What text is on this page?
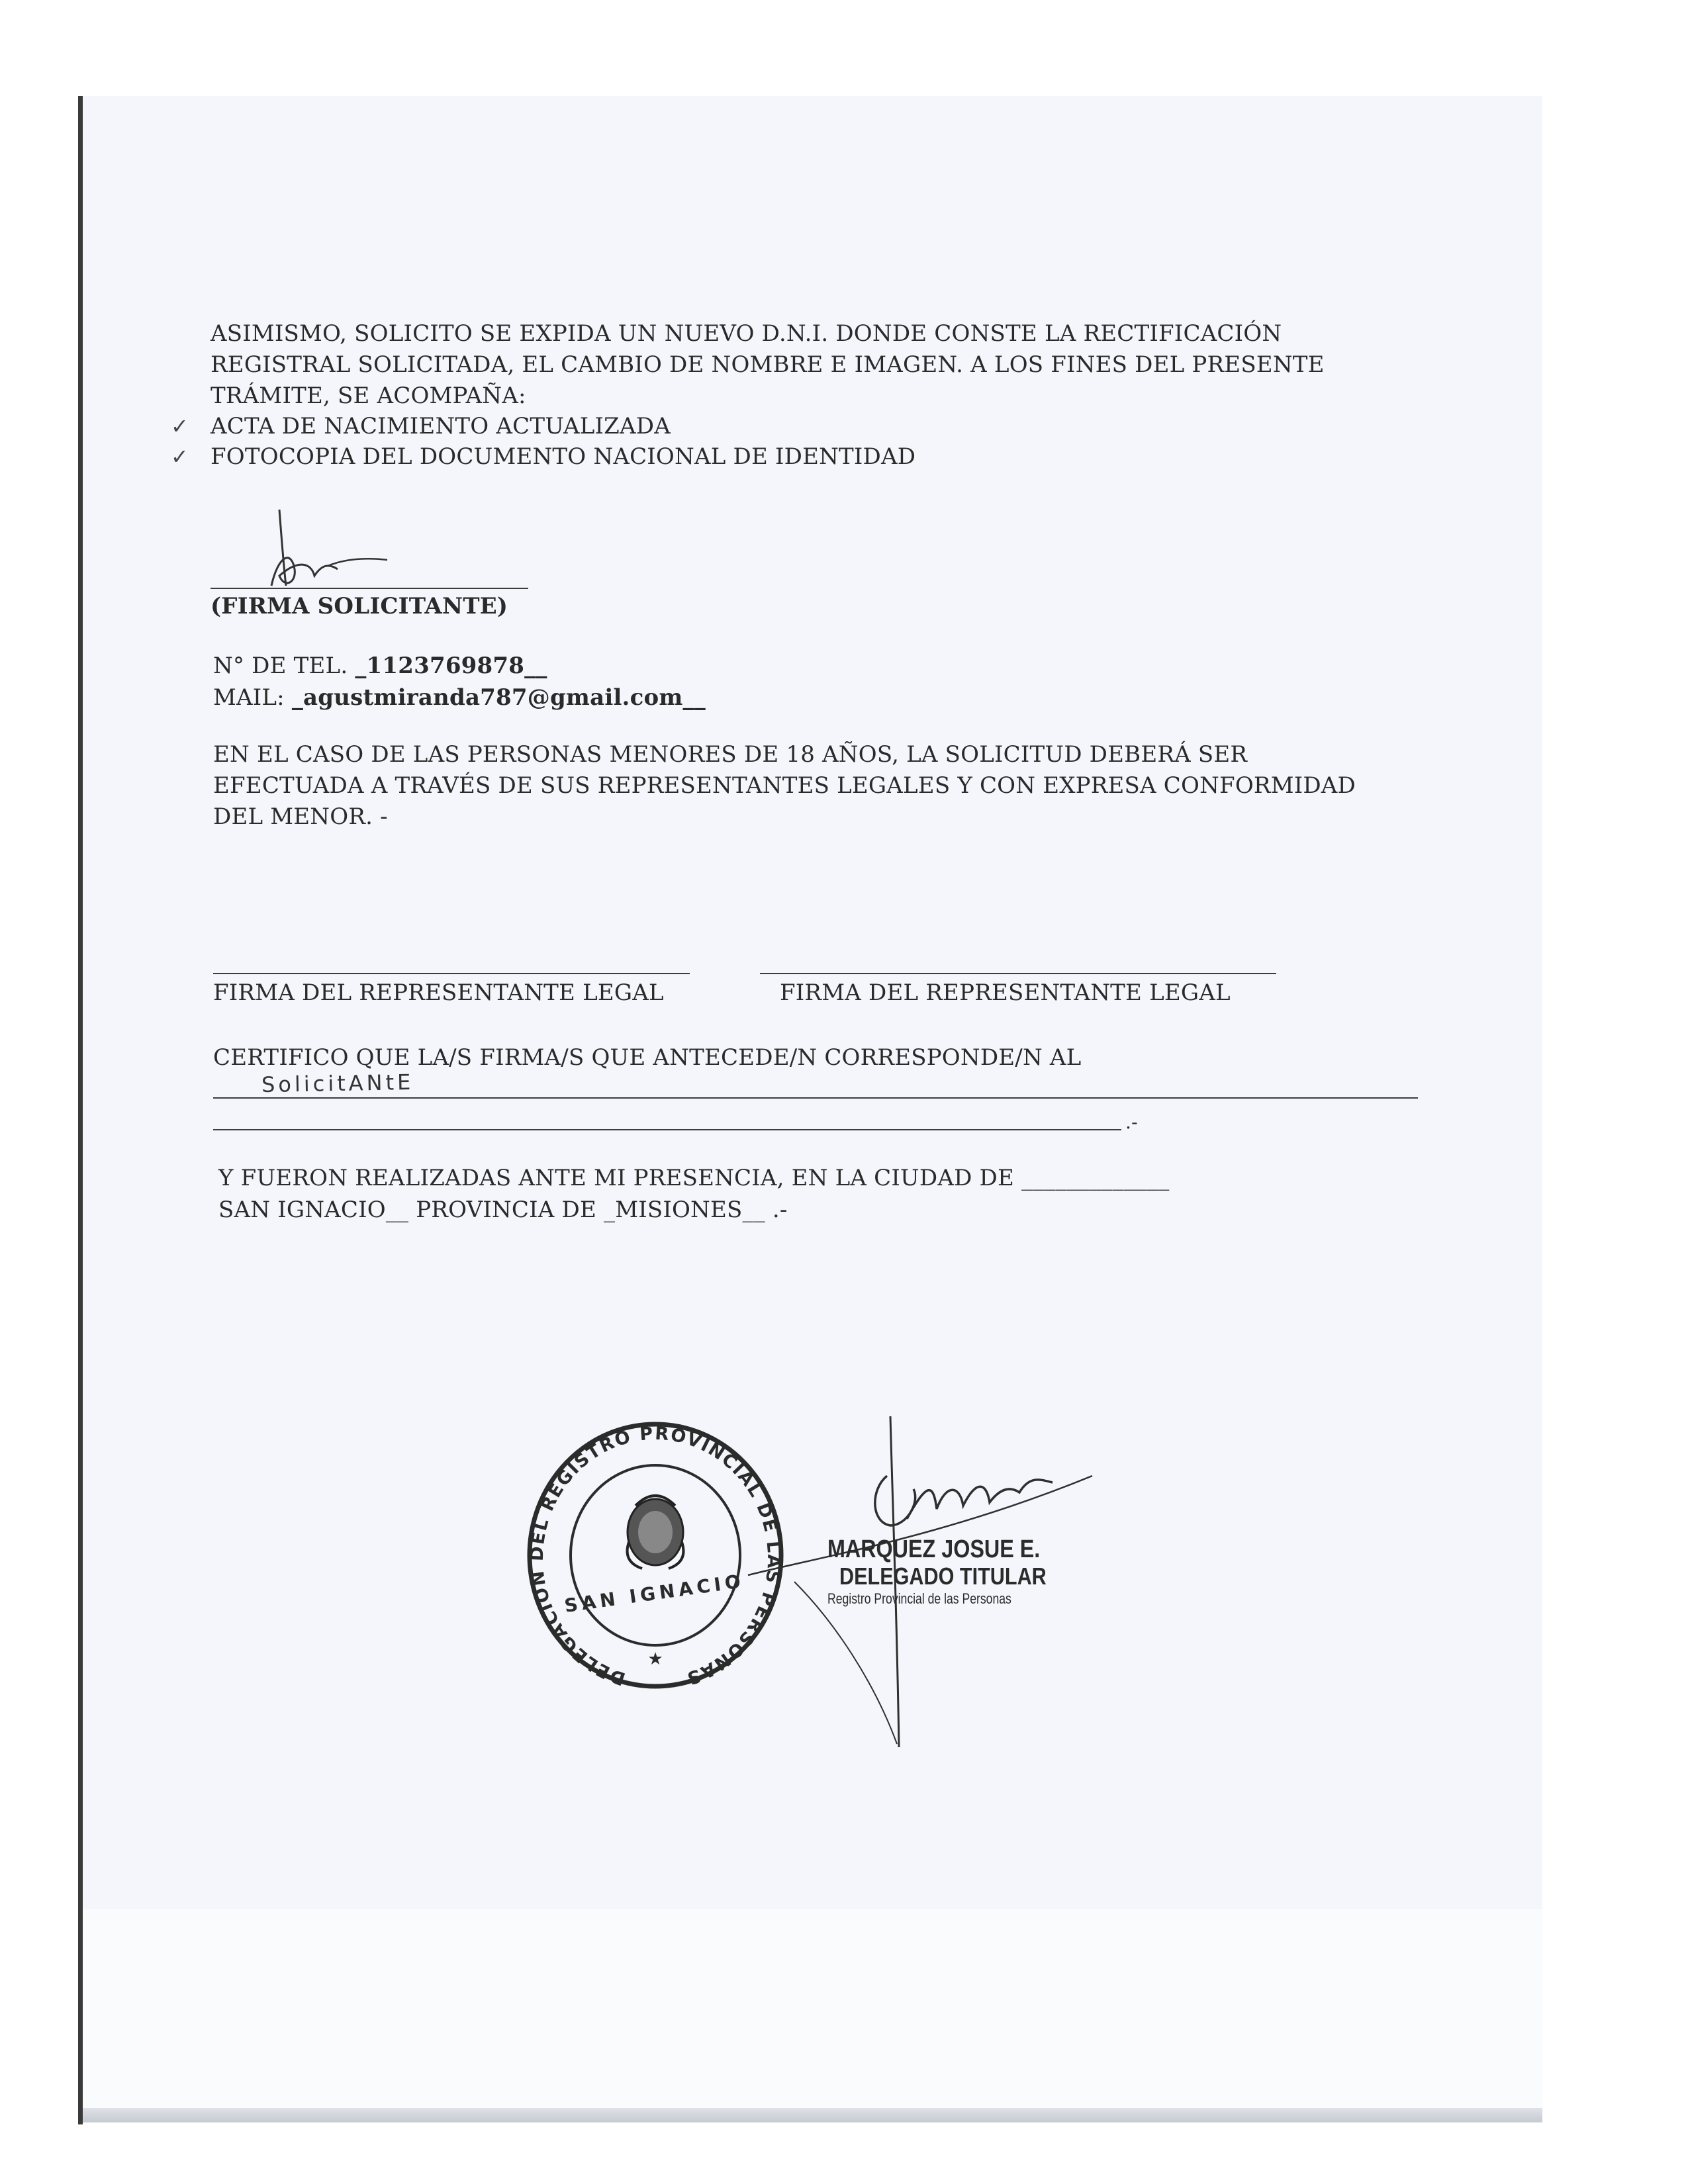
ASIMISMO, SOLICITO SE EXPIDA UN NUEVO D.N.I. DONDE CONSTE LA RECTIFICACIÓN
REGISTRAL SOLICITADA, EL CAMBIO DE NOMBRE E IMAGEN. A LOS FINES DEL PRESENTE
TRÁMITE, SE ACOMPAÑA:
✓ ACTA DE NACIMIENTO ACTUALIZADA
✓ FOTOCOPIA DEL DOCUMENTO NACIONAL DE IDENTIDAD
(FIRMA SOLICITANTE)
N° DE TEL. _1123769878__
MAIL: _agustmiranda787@gmail.com__
EN EL CASO DE LAS PERSONAS MENORES DE 18 AÑOS, LA SOLICITUD DEBERÁ SER
EFECTUADA A TRAVÉS DE SUS REPRESENTANTES LEGALES Y CON EXPRESA CONFORMIDAD
DEL MENOR. -
FIRMA DEL REPRESENTANTE LEGAL	FIRMA DEL REPRESENTANTE LEGAL
CERTIFICO QUE LA/S FIRMA/S QUE ANTECEDE/N CORRESPONDE/N AL
SolicitANtE
.-
Y FUERON REALIZADAS ANTE MI PRESENCIA, EN LA CIUDAD DE _____________
SAN IGNACIO__ PROVINCIA DE _MISIONES__ .-
DELEGACION DEL REGISTRO PROVINCIAL DE LAS PERSONAS
SAN IGNACIO
★
MARQUEZ JOSUE E.
DELEGADO TITULAR
Registro Provincial de las Personas
